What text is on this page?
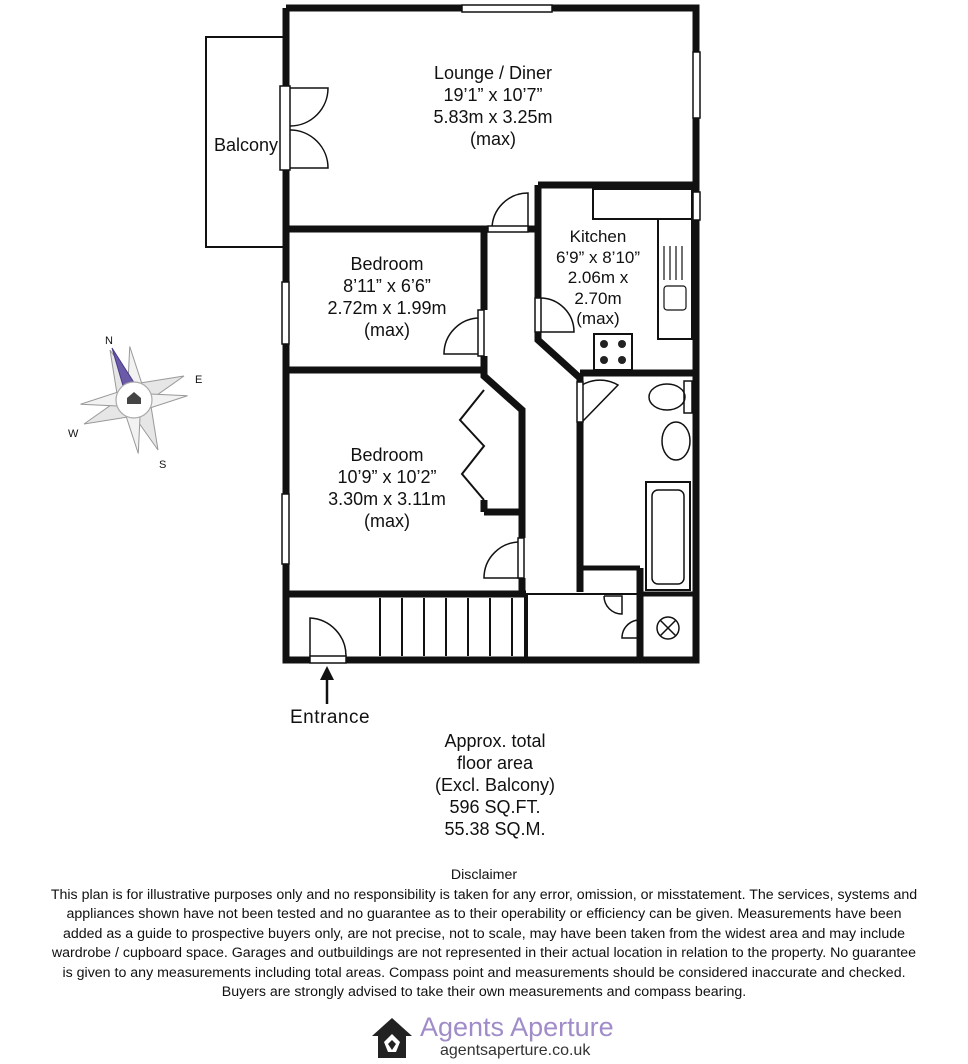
N
E
S
W
Lounge / Diner
19’1” x 10’7”
5.83m x 3.25m
(max)
Balcony
Bedroom
8’11” x 6’6”
2.72m x 1.99m
(max)
Kitchen
6’9” x 8’10”
2.06m x
2.70m
(max)
Bedroom
10’9” x 10’2”
3.30m x 3.11m
(max)
Entrance
Approx. total
floor area
(Excl. Balcony)
596 SQ.FT.
55.38 SQ.M.
Disclaimer
This plan is for illustrative purposes only and no responsibility is taken for any error, omission, or misstatement. The services, systems and
appliances shown have not been tested and no guarantee as to their operability or efficiency can be given. Measurements have been
added as a guide to prospective buyers only, are not precise, not to scale, may have been taken from the widest area and may include
wardrobe / cupboard space. Garages and outbuildings are not represented in their actual location in relation to the property. No guarantee
is given to any measurements including total areas. Compass point and measurements should be considered inaccurate and checked.
Buyers are strongly advised to take their own measurements and compass bearing.
Agents Aperture
agentsaperture.co.uk
